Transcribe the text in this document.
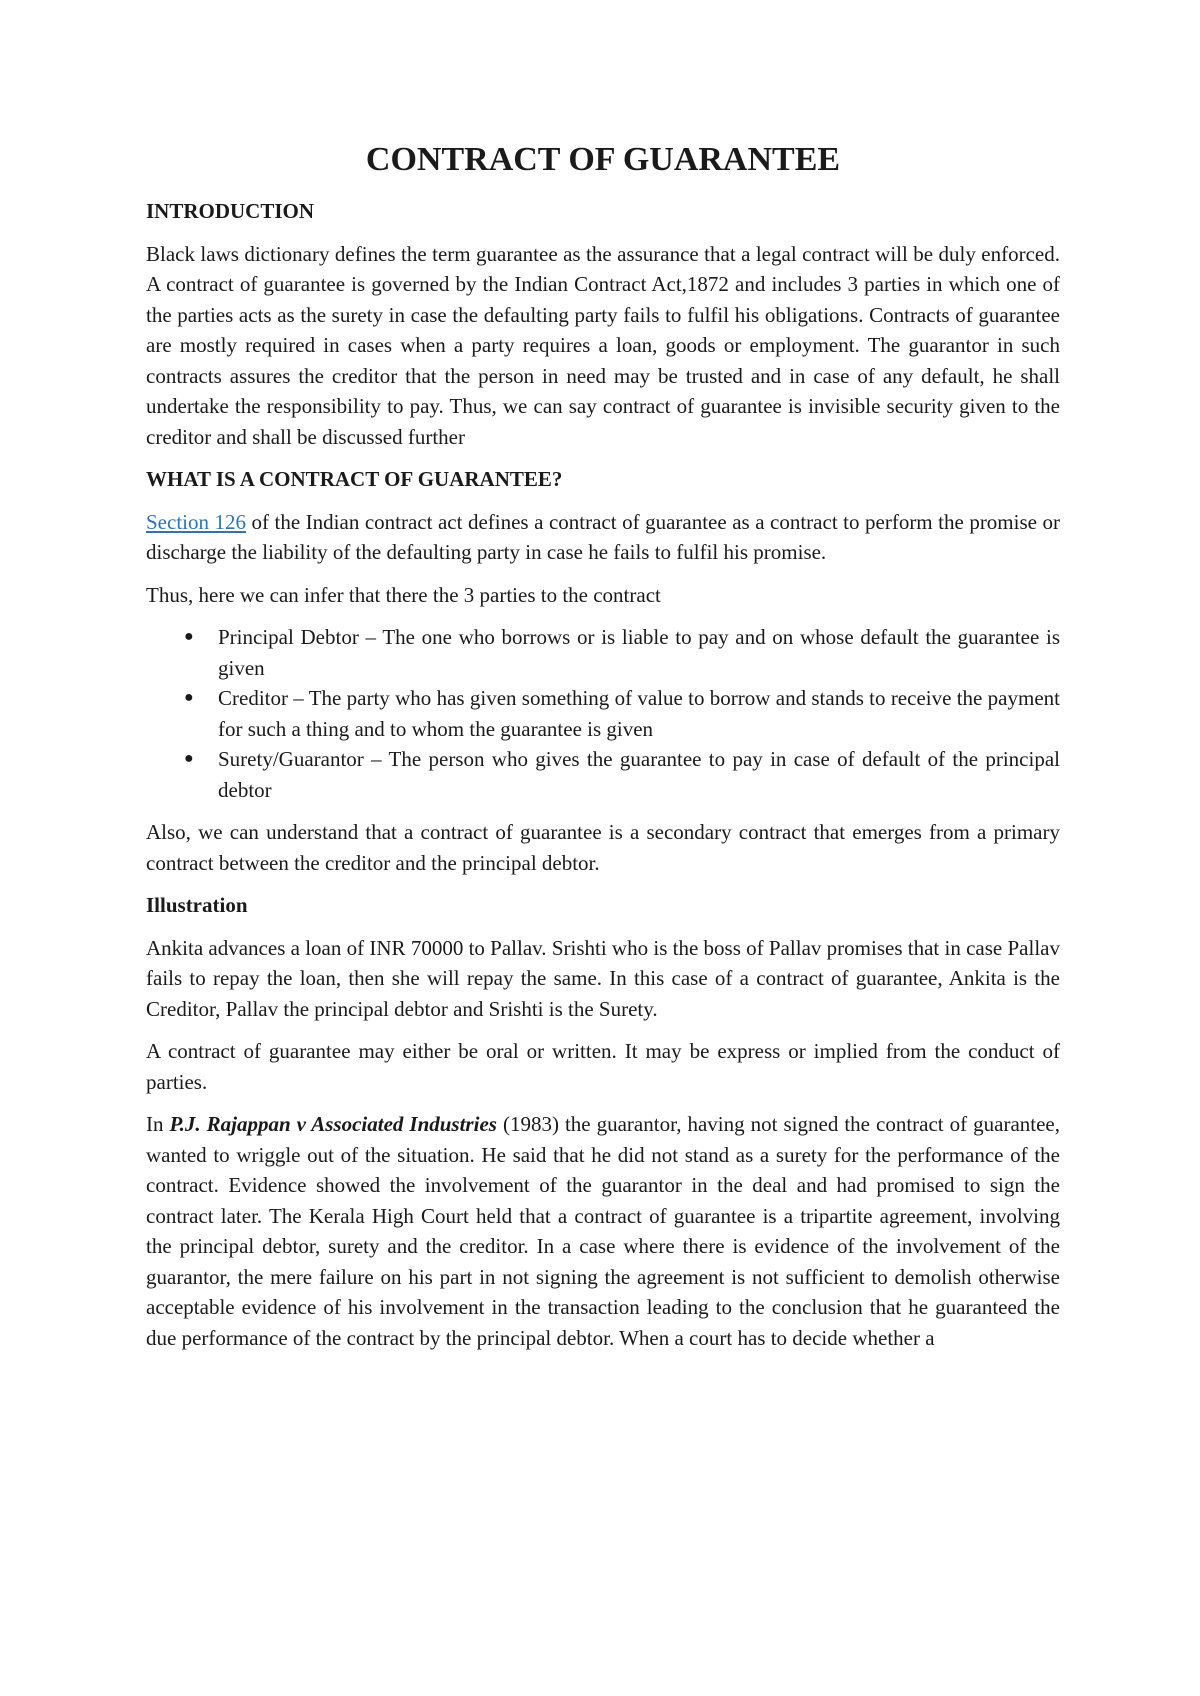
CONTRACT OF GUARANTEE
INTRODUCTION

Black laws dictionary defines the term guarantee as the assurance that a legal contract will be duly enforced. A contract of guarantee is governed by the Indian Contract Act,1872 and includes 3 parties in which one of the parties acts as the surety in case the defaulting party fails to fulfil his obligations. Contracts of guarantee are mostly required in cases when a party requires a loan, goods or employment. The guarantor in such contracts assures the creditor that the person in need may be trusted and in case of any default, he shall undertake the responsibility to pay. Thus, we can say contract of guarantee is invisible security given to the creditor and shall be discussed further

WHAT IS A CONTRACT OF GUARANTEE?

Section 126 of the Indian contract act defines a contract of guarantee as a contract to perform the promise or discharge the liability of the defaulting party in case he fails to fulfil his promise.

Thus, here we can infer that there the 3 parties to the contract

● Principal Debtor – The one who borrows or is liable to pay and on whose default the guarantee is given
● Creditor – The party who has given something of value to borrow and stands to receive the payment for such a thing and to whom the guarantee is given
● Surety/Guarantor – The person who gives the guarantee to pay in case of default of the principal debtor

Also, we can understand that a contract of guarantee is a secondary contract that emerges from a primary contract between the creditor and the principal debtor.

Illustration

Ankita advances a loan of INR 70000 to Pallav. Srishti who is the boss of Pallav promises that in case Pallav fails to repay the loan, then she will repay the same. In this case of a contract of guarantee, Ankita is the Creditor, Pallav the principal debtor and Srishti is the Surety.

A contract of guarantee may either be oral or written. It may be express or implied from the conduct of parties.

In P.J. Rajappan v Associated Industries (1983) the guarantor, having not signed the contract of guarantee, wanted to wriggle out of the situation. He said that he did not stand as a surety for the performance of the contract. Evidence showed the involvement of the guarantor in the deal and had promised to sign the contract later. The Kerala High Court held that a contract of guarantee is a tripartite agreement, involving the principal debtor, surety and the creditor. In a case where there is evidence of the involvement of the guarantor, the mere failure on his part in not signing the agreement is not sufficient to demolish otherwise acceptable evidence of his involvement in the transaction leading to the conclusion that he guaranteed the due performance of the contract by the principal debtor. When a court has to decide whether a
